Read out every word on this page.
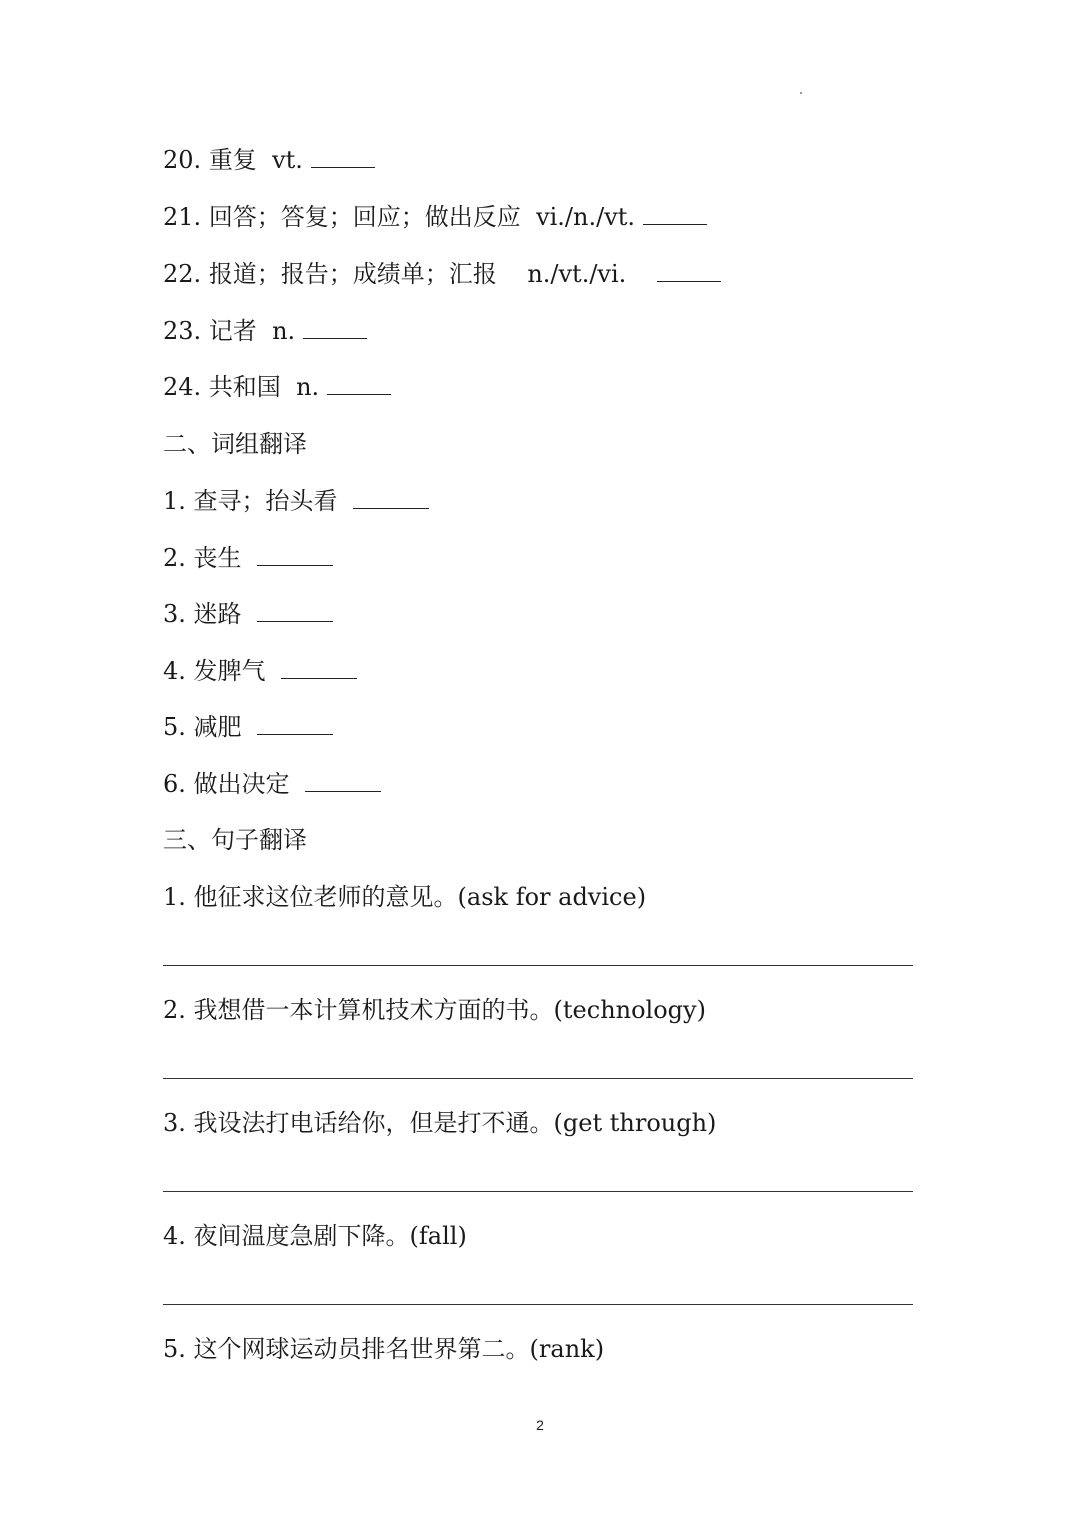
20. 重复  vt.
21. 回答；答复；回应；做出反应  vi./n./vt.
22. 报道；报告；成绩单；汇报    n./vt./vi.
23. 记者  n.
24. 共和国  n.
二、词组翻译
1. 查寻；抬头看
2. 丧生
3. 迷路
4. 发脾气
5. 减肥
6. 做出决定
三、句子翻译
1. 他征求这位老师的意见。(ask for advice)
2. 我想借一本计算机技术方面的书。(technology)
3. 我设法打电话给你，但是打不通。(get through)
4. 夜间温度急剧下降。(fall)
5. 这个网球运动员排名世界第二。(rank)
2
